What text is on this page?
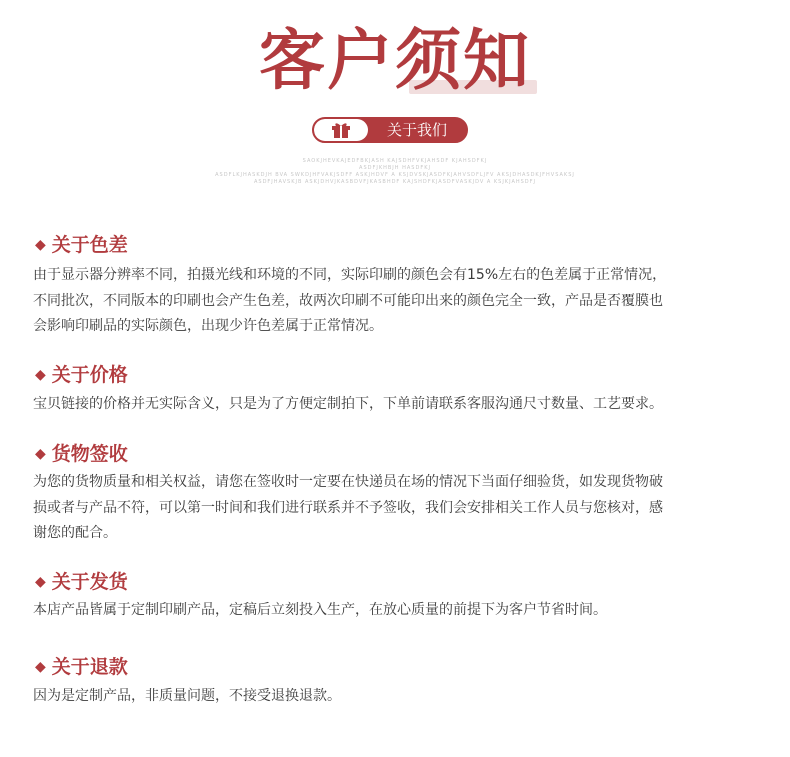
客户须知
关于我们
SAOKJHEVKAJEDFBKJASH KAJSDHFVKJAHSDF KJAHSDFKJ
ASDFJKHBJH HASDFKJ
ASDFLKJHASKDJH BVA SWKDJHFVAKJSDFF ASKJHDVF A KSJDVSKJASDFKJAHVSDFLJFV AKSJDHASDKJFHVSAKSJ
ASDFJHAVSKJB ASKJDHVJKASBDVFJKASBHDF KAJSHDFKJASDFVASKJDV A KSJKJAHSDFJ
◆ 关于色差
由于显示器分辨率不同，拍摄光线和环境的不同，实际印刷的颜色会有15%左右的色差属于正常情况，
不同批次，不同版本的印刷也会产生色差，故两次印刷不可能印出来的颜色完全一致，产品是否覆膜也
会影响印刷品的实际颜色，出现少许色差属于正常情况。
◆ 关于价格
宝贝链接的价格并无实际含义，只是为了方便定制拍下，下单前请联系客服沟通尺寸数量、工艺要求。
◆ 货物签收
为您的货物质量和相关权益，请您在签收时一定要在快递员在场的情况下当面仔细验货，如发现货物破
损或者与产品不符，可以第一时间和我们进行联系并不予签收，我们会安排相关工作人员与您核对，感
谢您的配合。
◆ 关于发货
本店产品皆属于定制印刷产品，定稿后立刻投入生产，在放心质量的前提下为客户节省时间。
◆ 关于退款
因为是定制产品，非质量问题，不接受退换退款。
